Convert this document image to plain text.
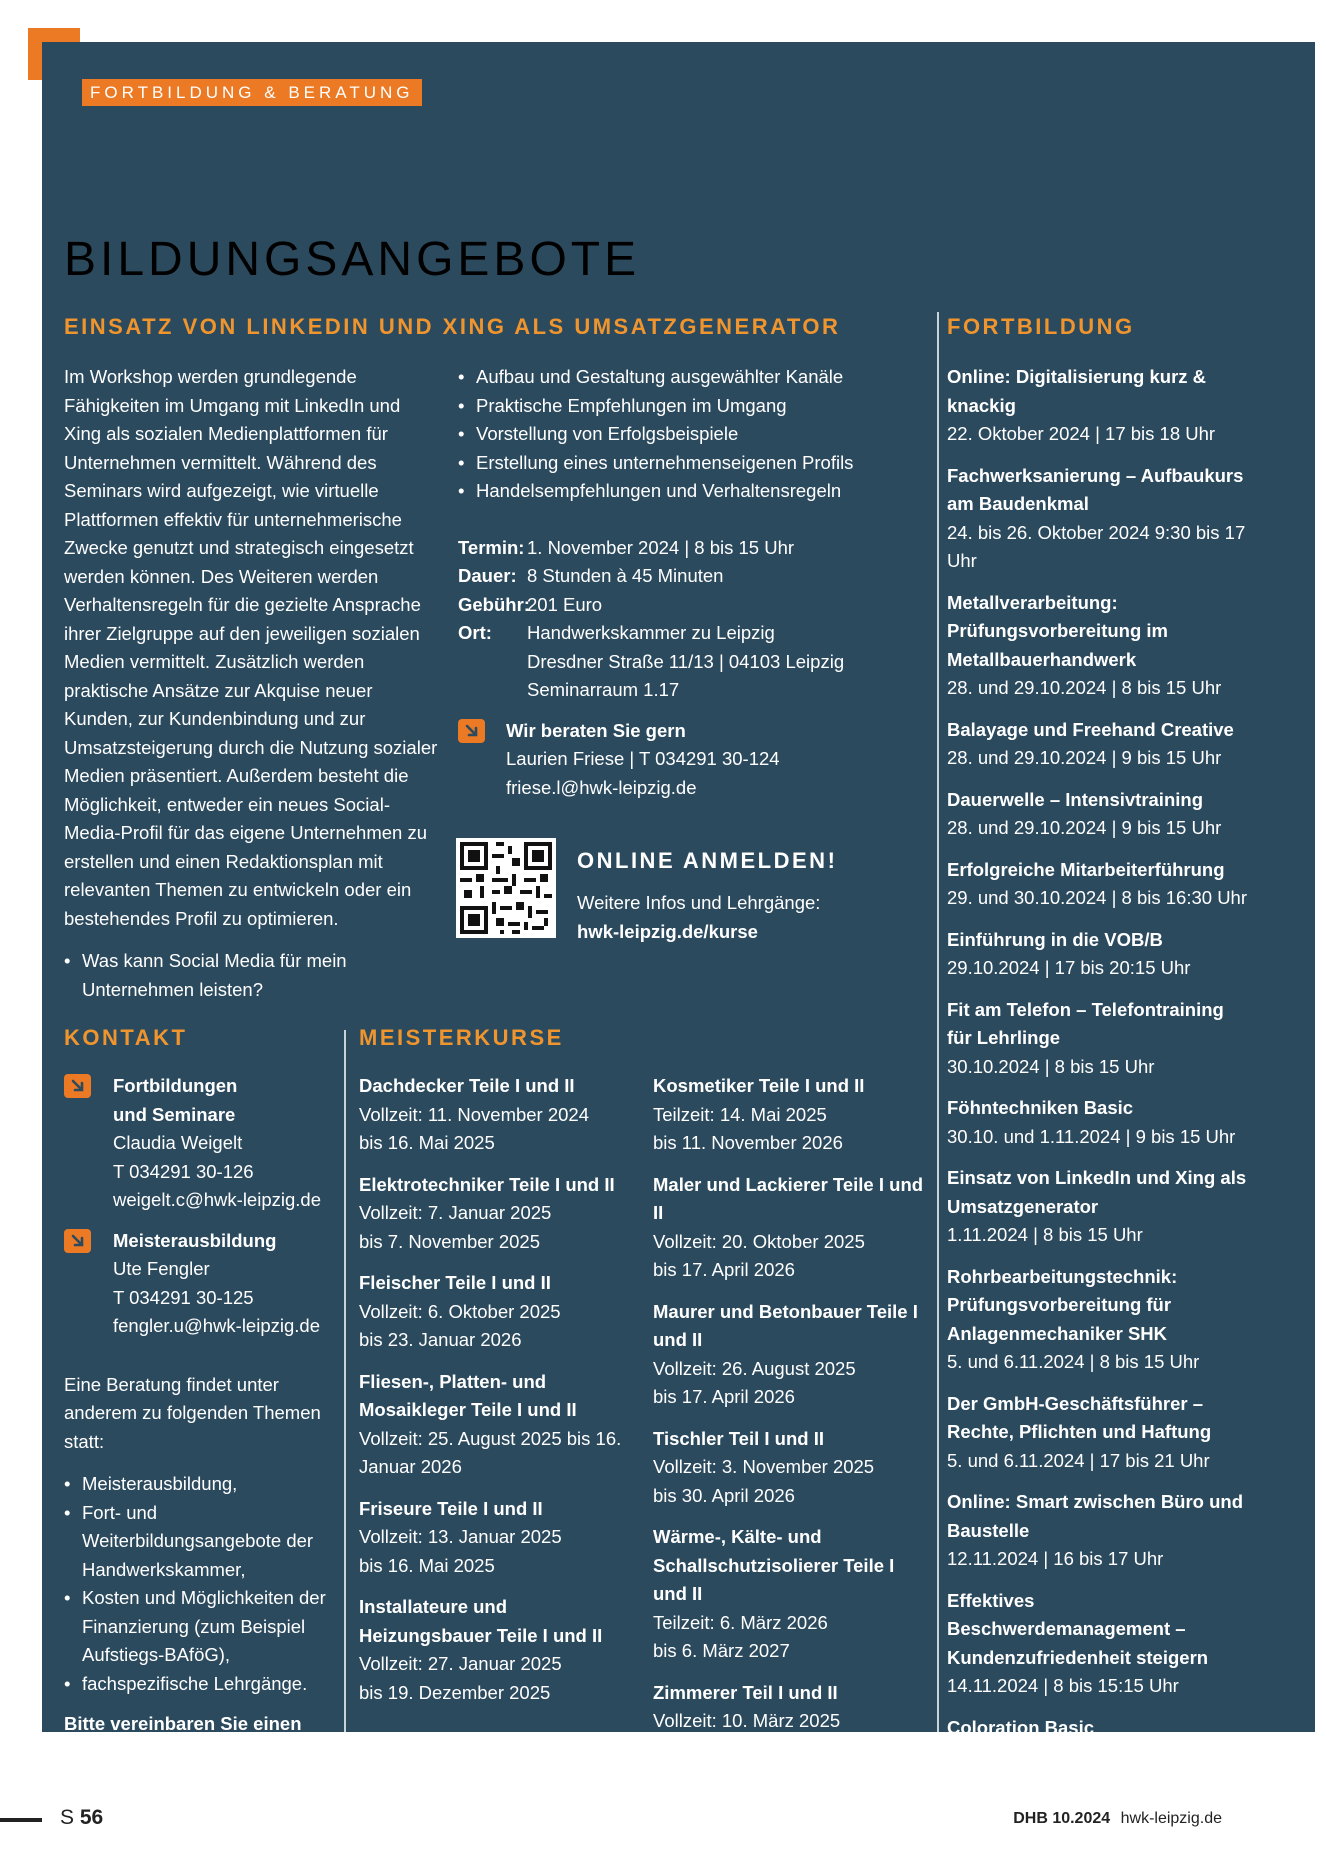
FORTBILDUNG & BERATUNG
BILDUNGSANGEBOTE
EINSATZ VON LINKEDIN UND XING ALS UMSATZGENERATOR

Im Workshop werden grundlegende Fähigkeiten im Umgang mit LinkedIn und Xing als sozialen Medienplattformen für Unternehmen vermittelt. Während des Seminars wird aufgezeigt, wie virtuelle Plattformen effektiv für unternehmerische Zwecke genutzt und strategisch eingesetzt werden können. Des Weiteren werden Verhaltensregeln für die gezielte Ansprache ihrer Zielgruppe auf den jeweiligen sozialen Medien vermittelt. Zusätzlich werden praktische Ansätze zur Akquise neuer Kunden, zur Kundenbindung und zur Umsatzsteigerung durch die Nutzung sozialer Medien präsentiert. Außerdem besteht die Möglichkeit, entweder ein neues Social-Media-Profil für das eigene Unternehmen zu erstellen und einen Redaktionsplan mit relevanten Themen zu entwickeln oder ein bestehendes Profil zu optimieren.

• Was kann Social Media für mein Unternehmen leisten?
• Aufbau und Gestaltung ausgewählter Kanäle
• Praktische Empfehlungen im Umgang
• Vorstellung von Erfolgsbeispiele
• Erstellung eines unternehmenseigenen Profils
• Handelsempfehlungen und Verhaltensregeln
Termin: 1. November 2024 | 8 bis 15 Uhr
Dauer: 8 Stunden à 45 Minuten
Gebühr:
201 Euro
Ort:	Handwerkskammer zu Leipzig
Dresdner Straße 11/13 | 04103 Leipzig
Seminarraum 1.17
Wir beraten Sie gern
Laurien Friese | T 034291 30-124
friese.l@hwk-leipzig.de
ONLINE ANMELDEN!
Weitere Infos und Lehrgänge:
hwk-leipzig.de/kurse
KONTAKT
Fortbildungen
und Seminare
Claudia Weigelt
T 034291 30-126
weigelt.c@hwk-leipzig.de
Meisterausbildung
Ute Fengler
T 034291 30-125
fengler.u@hwk-leipzig.de

Eine Beratung findet unter anderem zu folgenden Themen statt:

• Meisterausbildung,
• Fort- und Weiterbildungsangebote der Handwerkskammer,
• Kosten und Möglichkeiten der Finanzierung (zum Beispiel Aufstiegs-BAföG),
• fachspezifische Lehrgänge.

Bitte vereinbaren Sie einen individuellen Termin.

MEISTERKURSE
Dachdecker Teile I und II
Vollzeit: 11. November 2024
bis 16. Mai 2025
Elektrotechniker Teile I und II
Vollzeit: 7. Januar 2025
bis 7. November 2025
Fleischer Teile I und II
Vollzeit: 6. Oktober 2025
bis 23. Januar 2026
Fliesen-, Platten- und Mosaikleger Teile I und II
Vollzeit: 25. August 2025 bis 16. Januar 2026
Friseure Teile I und II
Vollzeit: 13. Januar 2025
bis 16. Mai 2025
Installateure und Heizungsbauer Teile I und II
Vollzeit: 27. Januar 2025
bis 19. Dezember 2025
Kosmetiker Teile I und II
Teilzeit: 14. Mai 2025
bis 11. November 2026
Maler und Lackierer Teile I und II
Vollzeit: 20. Oktober 2025
bis 17. April 2026
Maurer und Betonbauer Teile I und II
Vollzeit: 26. August 2025
bis 17. April 2026
Tischler Teil I und II
Vollzeit: 3. November 2025
bis 30. April 2026
Wärme-, Kälte- und Schallschutzisolierer Teile I und II
Teilzeit: 6. März 2026
bis 6. März 2027
Zimmerer Teil I und II
Vollzeit: 10. März 2025
bis 19. Dezember 2025
FORTBILDUNG
Online: Digitalisierung kurz & knackig
22. Oktober 2024 | 17 bis 18 Uhr
Fachwerksanierung – Aufbaukurs am Baudenkmal
24. bis 26. Oktober 2024 9:30 bis 17 Uhr
Metallverarbeitung: Prüfungsvorbereitung im Metallbauerhandwerk
28. und 29.10.2024 | 8 bis 15 Uhr
Balayage und Freehand Creative
28. und 29.10.2024 | 9 bis 15 Uhr
Dauerwelle – Intensivtraining
28. und 29.10.2024 | 9 bis 15 Uhr
Erfolgreiche Mitarbeiterführung
29. und 30.10.2024 | 8 bis 16:30 Uhr
Einführung in die VOB/B
29.10.2024 | 17 bis 20:15 Uhr
Fit am Telefon – Telefontraining für Lehrlinge
30.10.2024 | 8 bis 15 Uhr
Föhntechniken Basic
30.10. und 1.11.2024 | 9 bis 15 Uhr
Einsatz von LinkedIn und Xing als Umsatzgenerator
1.11.2024 | 8 bis 15 Uhr
Rohrbearbeitungstechnik: Prüfungsvorbereitung für Anlagenmechaniker SHK
5. und 6.11.2024 | 8 bis 15 Uhr
Der GmbH-Geschäftsführer – Rechte, Pflichten und Haftung
5. und 6.11.2024 | 17 bis 21 Uhr
Online: Smart zwischen Büro und Baustelle
12.11.2024 | 16 bis 17 Uhr
Effektives Beschwerdemanagement – Kundenzufriedenheit steigern
14.11.2024 | 8 bis 15:15 Uhr
Coloration Basic
18. und 19.11.2024 | 10 bis 16 Uhr
S 56	DHB 10.2024 hwk-leipzig.de
